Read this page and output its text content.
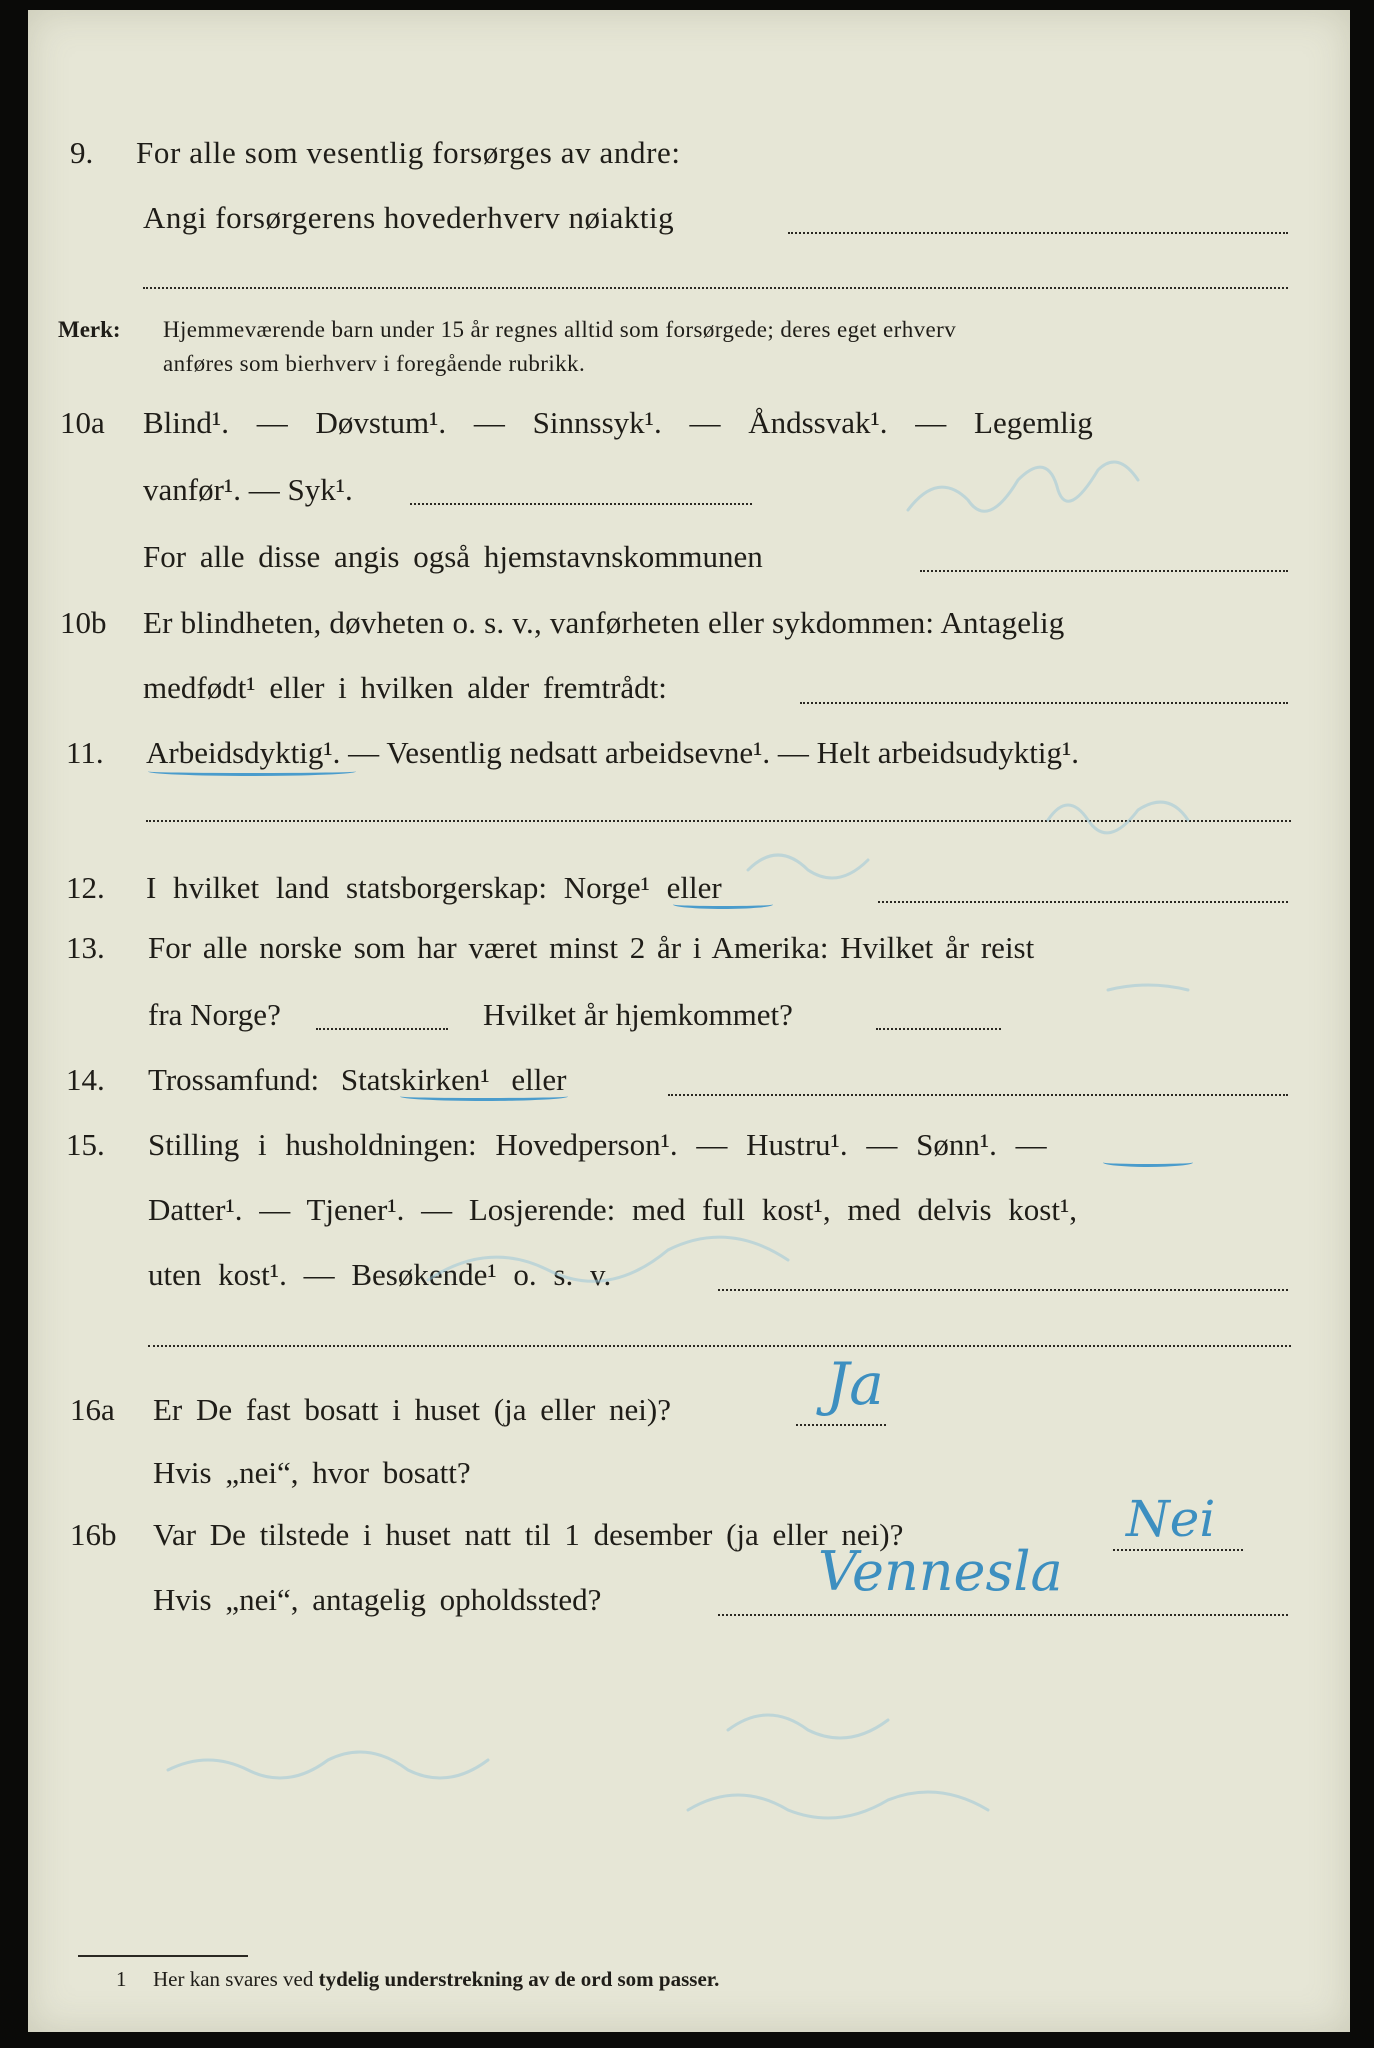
9. For alle som vesentlig forsørges av andre:
Angi forsørgerens hovederhverv nøiaktig
Merk: Hjemmeværende barn under 15 år regnes alltid som forsørgede; deres eget erhverv
anføres som bierhverv i foregående rubrikk.
10a Blind¹. — Døvstum¹. — Sinnssyk¹. — Åndssvak¹. — Legemlig
vanfør¹. — Syk¹.
For alle disse angis også hjemstavnskommunen
10b Er blindheten, døvheten o. s. v., vanførheten eller sykdommen: Antagelig
medfødt¹ eller i hvilken alder fremtrådt:
11. Arbeidsdyktig¹. — Vesentlig nedsatt arbeidsevne¹. — Helt arbeidsudyktig¹.
12. I hvilket land statsborgerskap: Norge¹ eller
13. For alle norske som har været minst 2 år i Amerika: Hvilket år reist
fra Norge?	Hvilket år hjemkommet?
14. Trossamfund: Statskirken¹ eller
15. Stilling i husholdningen: Hovedperson¹. — Hustru¹. — Sønn¹. —
Datter¹. — Tjener¹. — Losjerende: med full kost¹, med delvis kost¹,
uten kost¹. — Besøkende¹ o. s. v.
16a Er De fast bosatt i huset (ja eller nei)?	Ja
Hvis „nei“, hvor bosatt?
16b Var De tilstede i huset natt til 1 desember (ja eller nei)?	Nei
Hvis „nei“, antagelig opholdssted?	Vennesla
1 Her kan svares ved tydelig understrekning av de ord som passer.
